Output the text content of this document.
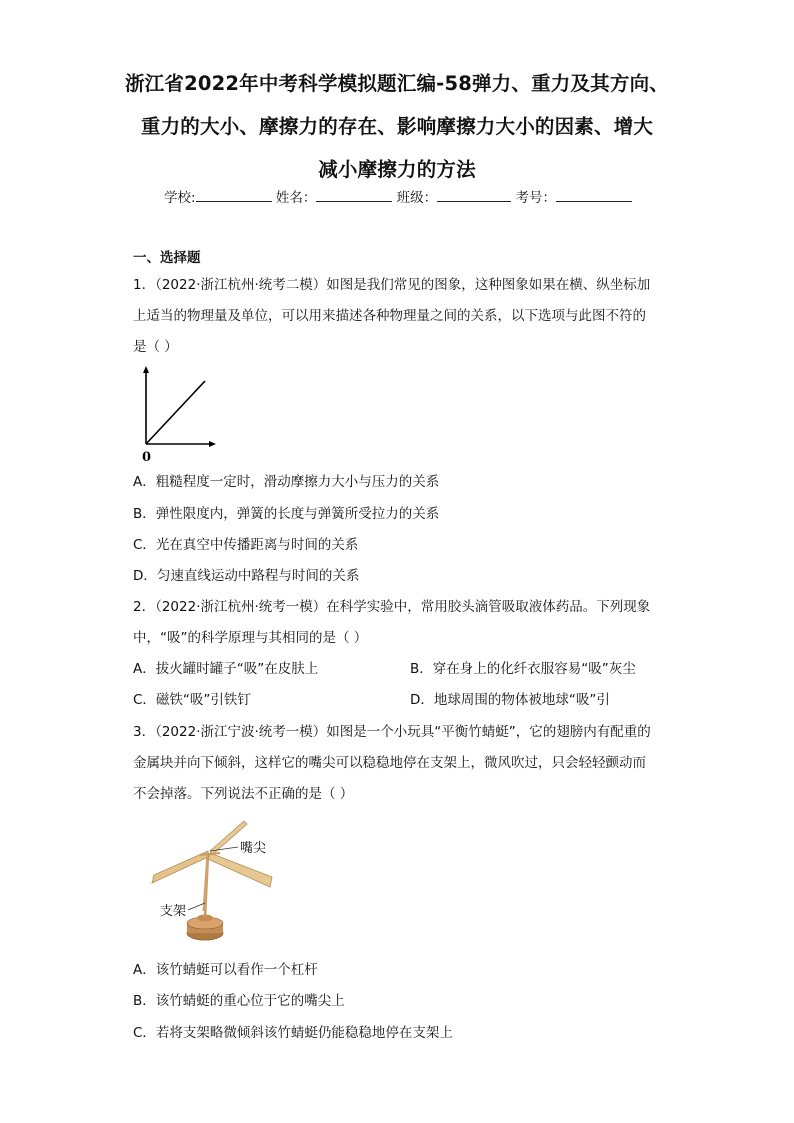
浙江省2022年中考科学模拟题汇编-58弹力、重力及其方向、
重力的大小、摩擦力的存在、影响摩擦力大小的因素、增大
减小摩擦力的方法
学校:	姓名：	班级：	考号：
一、选择题
1．（2022·浙江杭州·统考二模）如图是我们常见的图象，这种图象如果在横、纵坐标加
上适当的物理量及单位，可以用来描述各种物理量之间的关系，以下选项与此图不符的
是（ ）
0
A．粗糙程度一定时，滑动摩擦力大小与压力的关系
B．弹性限度内，弹簧的长度与弹簧所受拉力的关系
C．光在真空中传播距离与时间的关系
D．匀速直线运动中路程与时间的关系
2．（2022·浙江杭州·统考一模）在科学实验中，常用胶头滴管吸取液体药品。下列现象
中，“吸”的科学原理与其相同的是（ ）
A．拔火罐时罐子“吸”在皮肤上	B．穿在身上的化纤衣服容易“吸”灰尘
C．磁铁“吸”引铁钉	D．地球周围的物体被地球“吸”引
3．（2022·浙江宁波·统考一模）如图是一个小玩具“平衡竹蜻蜓”，它的翅膀内有配重的
金属块并向下倾斜，这样它的嘴尖可以稳稳地停在支架上，微风吹过，只会轻轻颤动而
不会掉落。下列说法不正确的是（ ）
嘴尖
支架
A．该竹蜻蜓可以看作一个杠杆
B．该竹蜻蜓的重心位于它的嘴尖上
C．若将支架略微倾斜该竹蜻蜓仍能稳稳地停在支架上
